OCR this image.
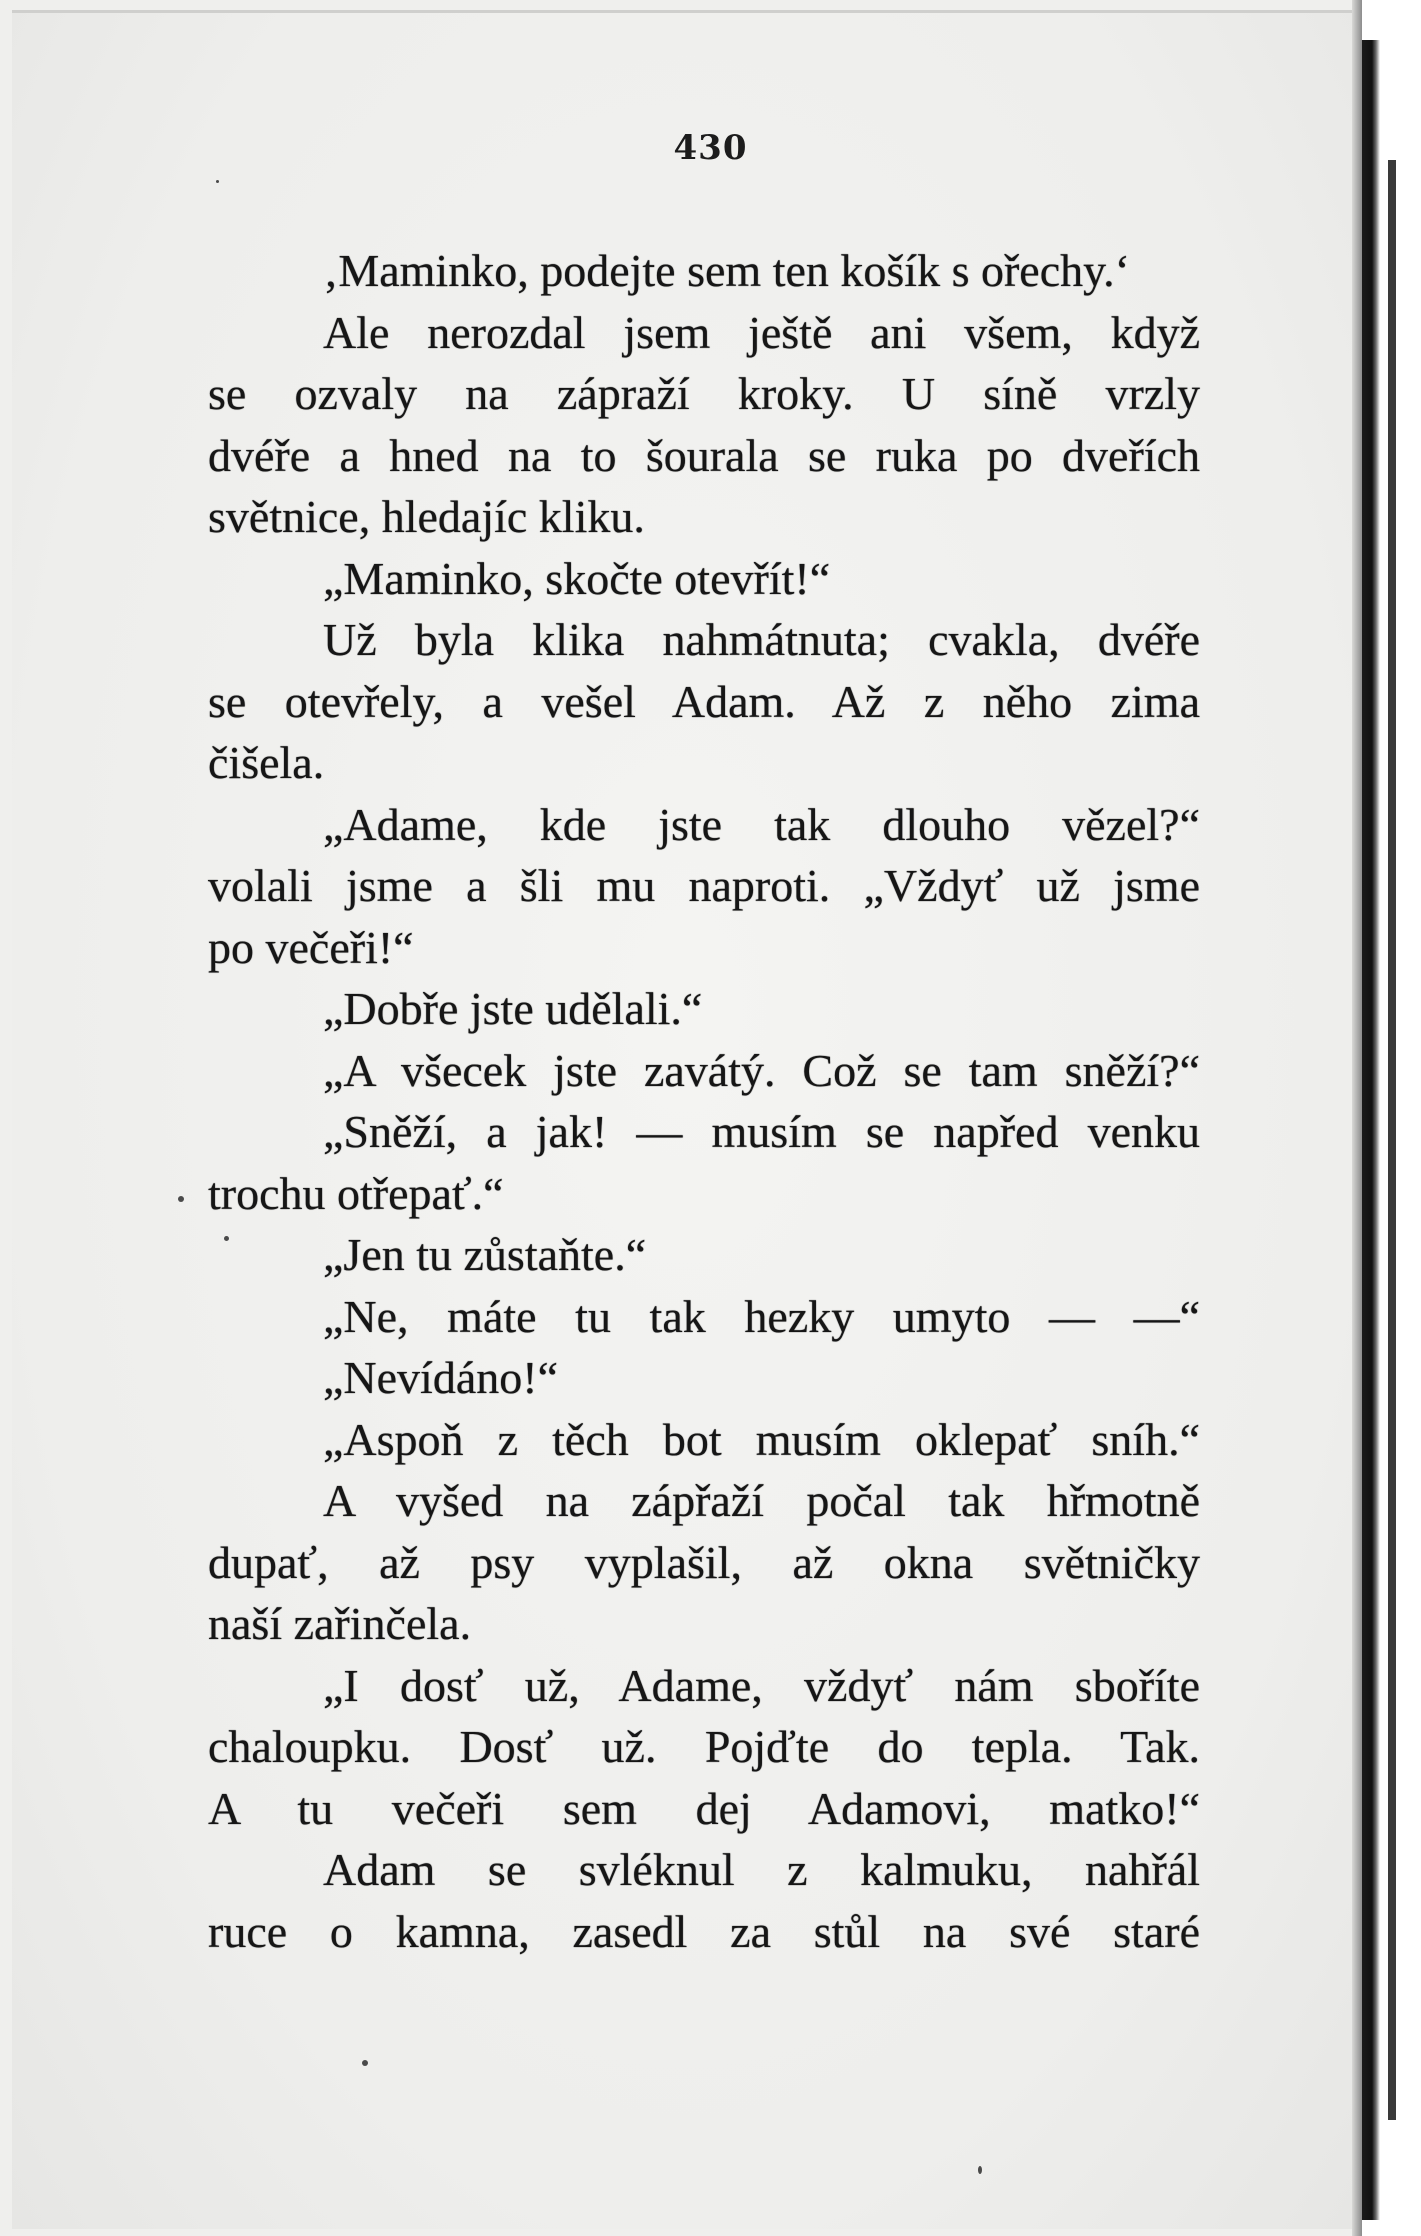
430
‚Maminko, podejte sem ten košík s ořechy.‘
Ale nerozdal jsem ještě ani všem, když
se ozvaly na zápraží kroky. U síně vrzly
dvéře a hned na to šourala se ruka po dveřích
světnice, hledajíc kliku.
„Maminko, skočte otevřít!“
Už byla klika nahmátnuta; cvakla, dvéře
se otevřely, a vešel Adam. Až z něho zima
čišela.
„Adame, kde jste tak dlouho vězel?“
volali jsme a šli mu naproti. „Vždyť už jsme
po večeři!“
„Dobře jste udělali.“
„A všecek jste zavátý. Což se tam sněží?“
„Sněží, a jak! — musím se napřed venku
trochu otřepať.“
„Jen tu zůstaňte.“
„Ne, máte tu tak hezky umyto — —“
„Nevídáno!“
„Aspoň z těch bot musím oklepať sníh.“
A vyšed na zápřaží počal tak hřmotně
dupať, až psy vyplašil, až okna světničky
naší zařinčela.
„I dosť už, Adame, vždyť nám sboříte
chaloupku. Dosť už. Pojďte do tepla. Tak.
A tu večeři sem dej Adamovi, matko!“
Adam se svléknul z kalmuku, nahřál
ruce o kamna, zasedl za stůl na své staré
